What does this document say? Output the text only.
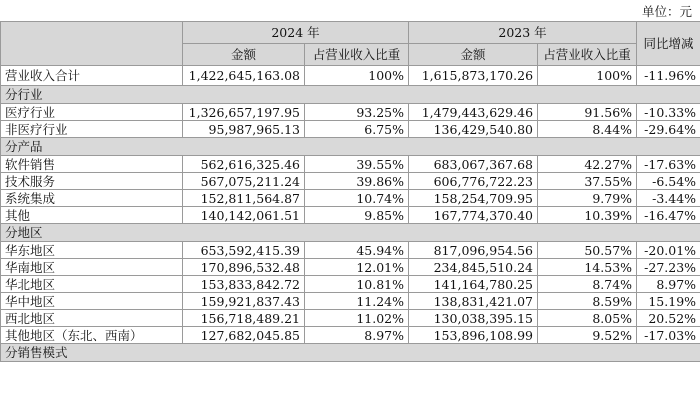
单位：元
	2024 年		2023 年		同比增减
	金额	占营业收入比重	金额	占营业收入比重	
营业收入合计	1,422,645,163.08	100%	1,615,873,170.26	100%	-11.96%
分行业					
医疗行业	1,326,657,197.95	93.25%	1,479,443,629.46	91.56%	-10.33%
非医疗行业	95,987,965.13	6.75%	136,429,540.80	8.44%	-29.64%
分产品					
软件销售	562,616,325.46	39.55%	683,067,367.68	42.27%	-17.63%
技术服务	567,075,211.24	39.86%	606,776,722.23	37.55%	-6.54%
系统集成	152,811,564.87	10.74%	158,254,709.95	9.79%	-3.44%
其他	140,142,061.51	9.85%	167,774,370.40	10.39%	-16.47%
分地区					
华东地区	653,592,415.39	45.94%	817,096,954.56	50.57%	-20.01%
华南地区	170,896,532.48	12.01%	234,845,510.24	14.53%	-27.23%
华北地区	153,833,842.72	10.81%	141,164,780.25	8.74%	8.97%
华中地区	159,921,837.43	11.24%	138,831,421.07	8.59%	15.19%
西北地区	156,718,489.21	11.02%	130,038,395.15	8.05%	20.52%
其他地区（东北、西南）	127,682,045.85	8.97%	153,896,108.99	9.52%	-17.03%
分销售模式					
